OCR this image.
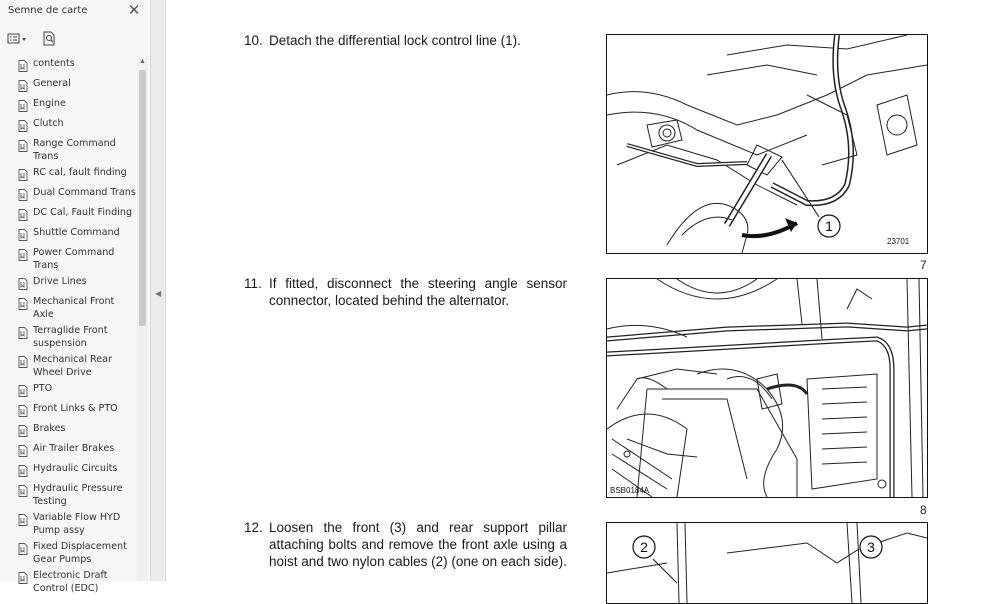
Semne de carte	✕
contents
General
Engine
Clutch
Range Command Trans
RC cal, fault finding
Dual Command Trans
DC Cal, Fault Finding
Shuttle Command
Power Command Trans
Drive Lines
Mechanical Front Axle
Terraglide Front suspension
Mechanical Rear Wheel Drive
PTO
Front Links & PTO
Brakes
Air Trailer Brakes
Hydraulic Circuits
Hydraulic Pressure Testing
Variable Flow HYD Pump assy
Fixed Displacement Gear Pumps
Electronic Draft Control (EDC)
▲
◀
10. Detach the differential lock control line (1).
1
23701
7
11. If fitted, disconnect the steering angle sensor connector, located behind the alternator.
BSB0184A
8
12. Loosen the front (3) and rear support pillar attaching bolts and remove the front axle using a hoist and two nylon cables (2) (one on each side).
2	3
